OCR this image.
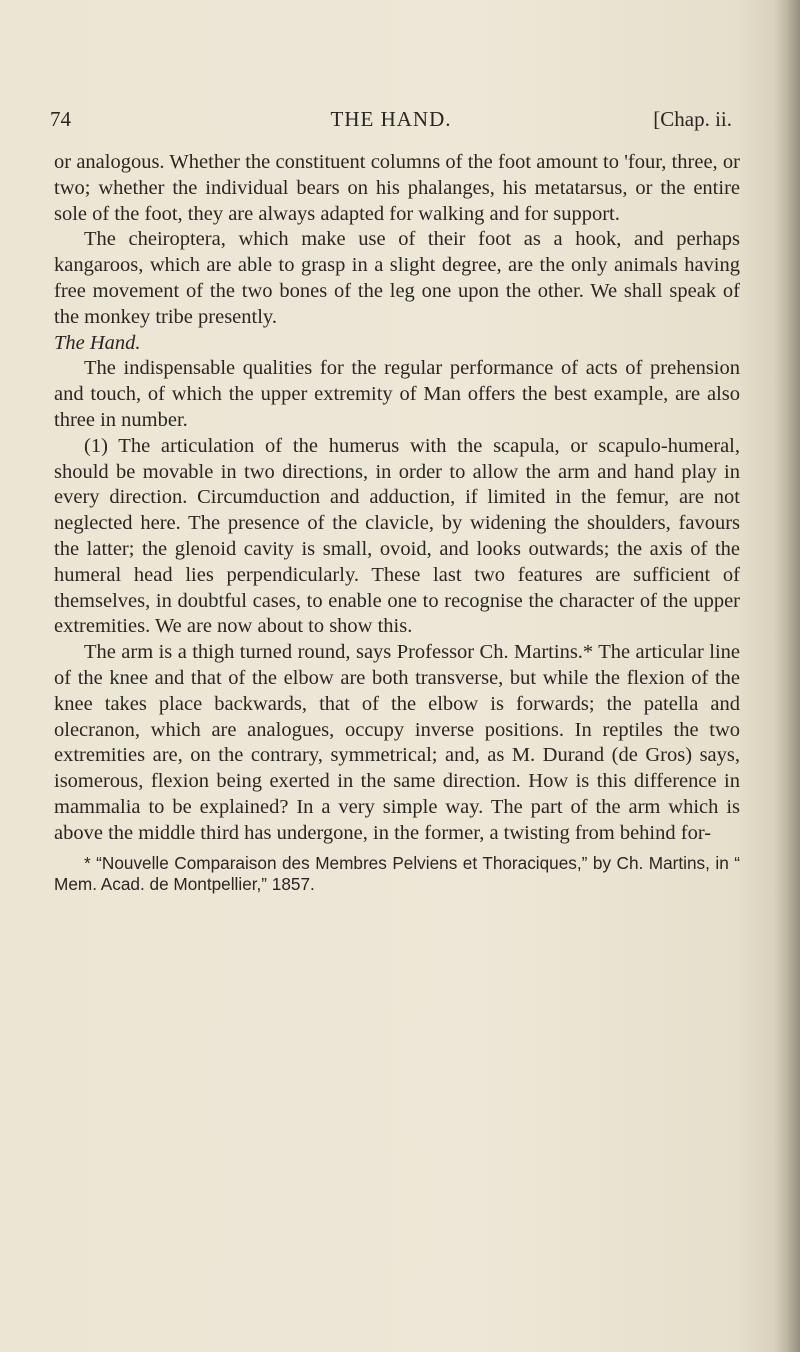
74	THE HAND.	[Chap. ii.

or analogous. Whether the constituent columns of the foot amount to 'four, three, or two; whether the individual bears on his phalanges, his metatarsus, or the entire sole of the foot, they are always adapted for walking and for support.

The cheiroptera, which make use of their foot as a hook, and perhaps kangaroos, which are able to grasp in a slight degree, are the only animals having free movement of the two bones of the leg one upon the other. We shall speak of the monkey tribe presently.

The Hand.

The indispensable qualities for the regular performance of acts of prehension and touch, of which the upper extremity of Man offers the best example, are also three in number.

(1) The articulation of the humerus with the scapula, or scapulo-humeral, should be movable in two directions, in order to allow the arm and hand play in every direction. Circumduction and adduction, if limited in the femur, are not neglected here. The presence of the clavicle, by widening the shoulders, favours the latter; the glenoid cavity is small, ovoid, and looks outwards; the axis of the humeral head lies perpendicularly. These last two features are sufficient of themselves, in doubtful cases, to enable one to recognise the character of the upper extremities. We are now about to show this.

The arm is a thigh turned round, says Professor Ch. Martins.* The articular line of the knee and that of the elbow are both transverse, but while the flexion of the knee takes place backwards, that of the elbow is forwards; the patella and olecranon, which are analogues, occupy inverse positions. In reptiles the two extremities are, on the contrary, symmetrical; and, as M. Durand (de Gros) says, isomerous, flexion being exerted in the same direction. How is this difference in mammalia to be explained? In a very simple way. The part of the arm which is above the middle third has undergone, in the former, a twisting from behind for-

* “Nouvelle Comparaison des Membres Pelviens et Thoraciques,” by Ch. Martins, in “ Mem. Acad. de Montpellier,” 1857.
